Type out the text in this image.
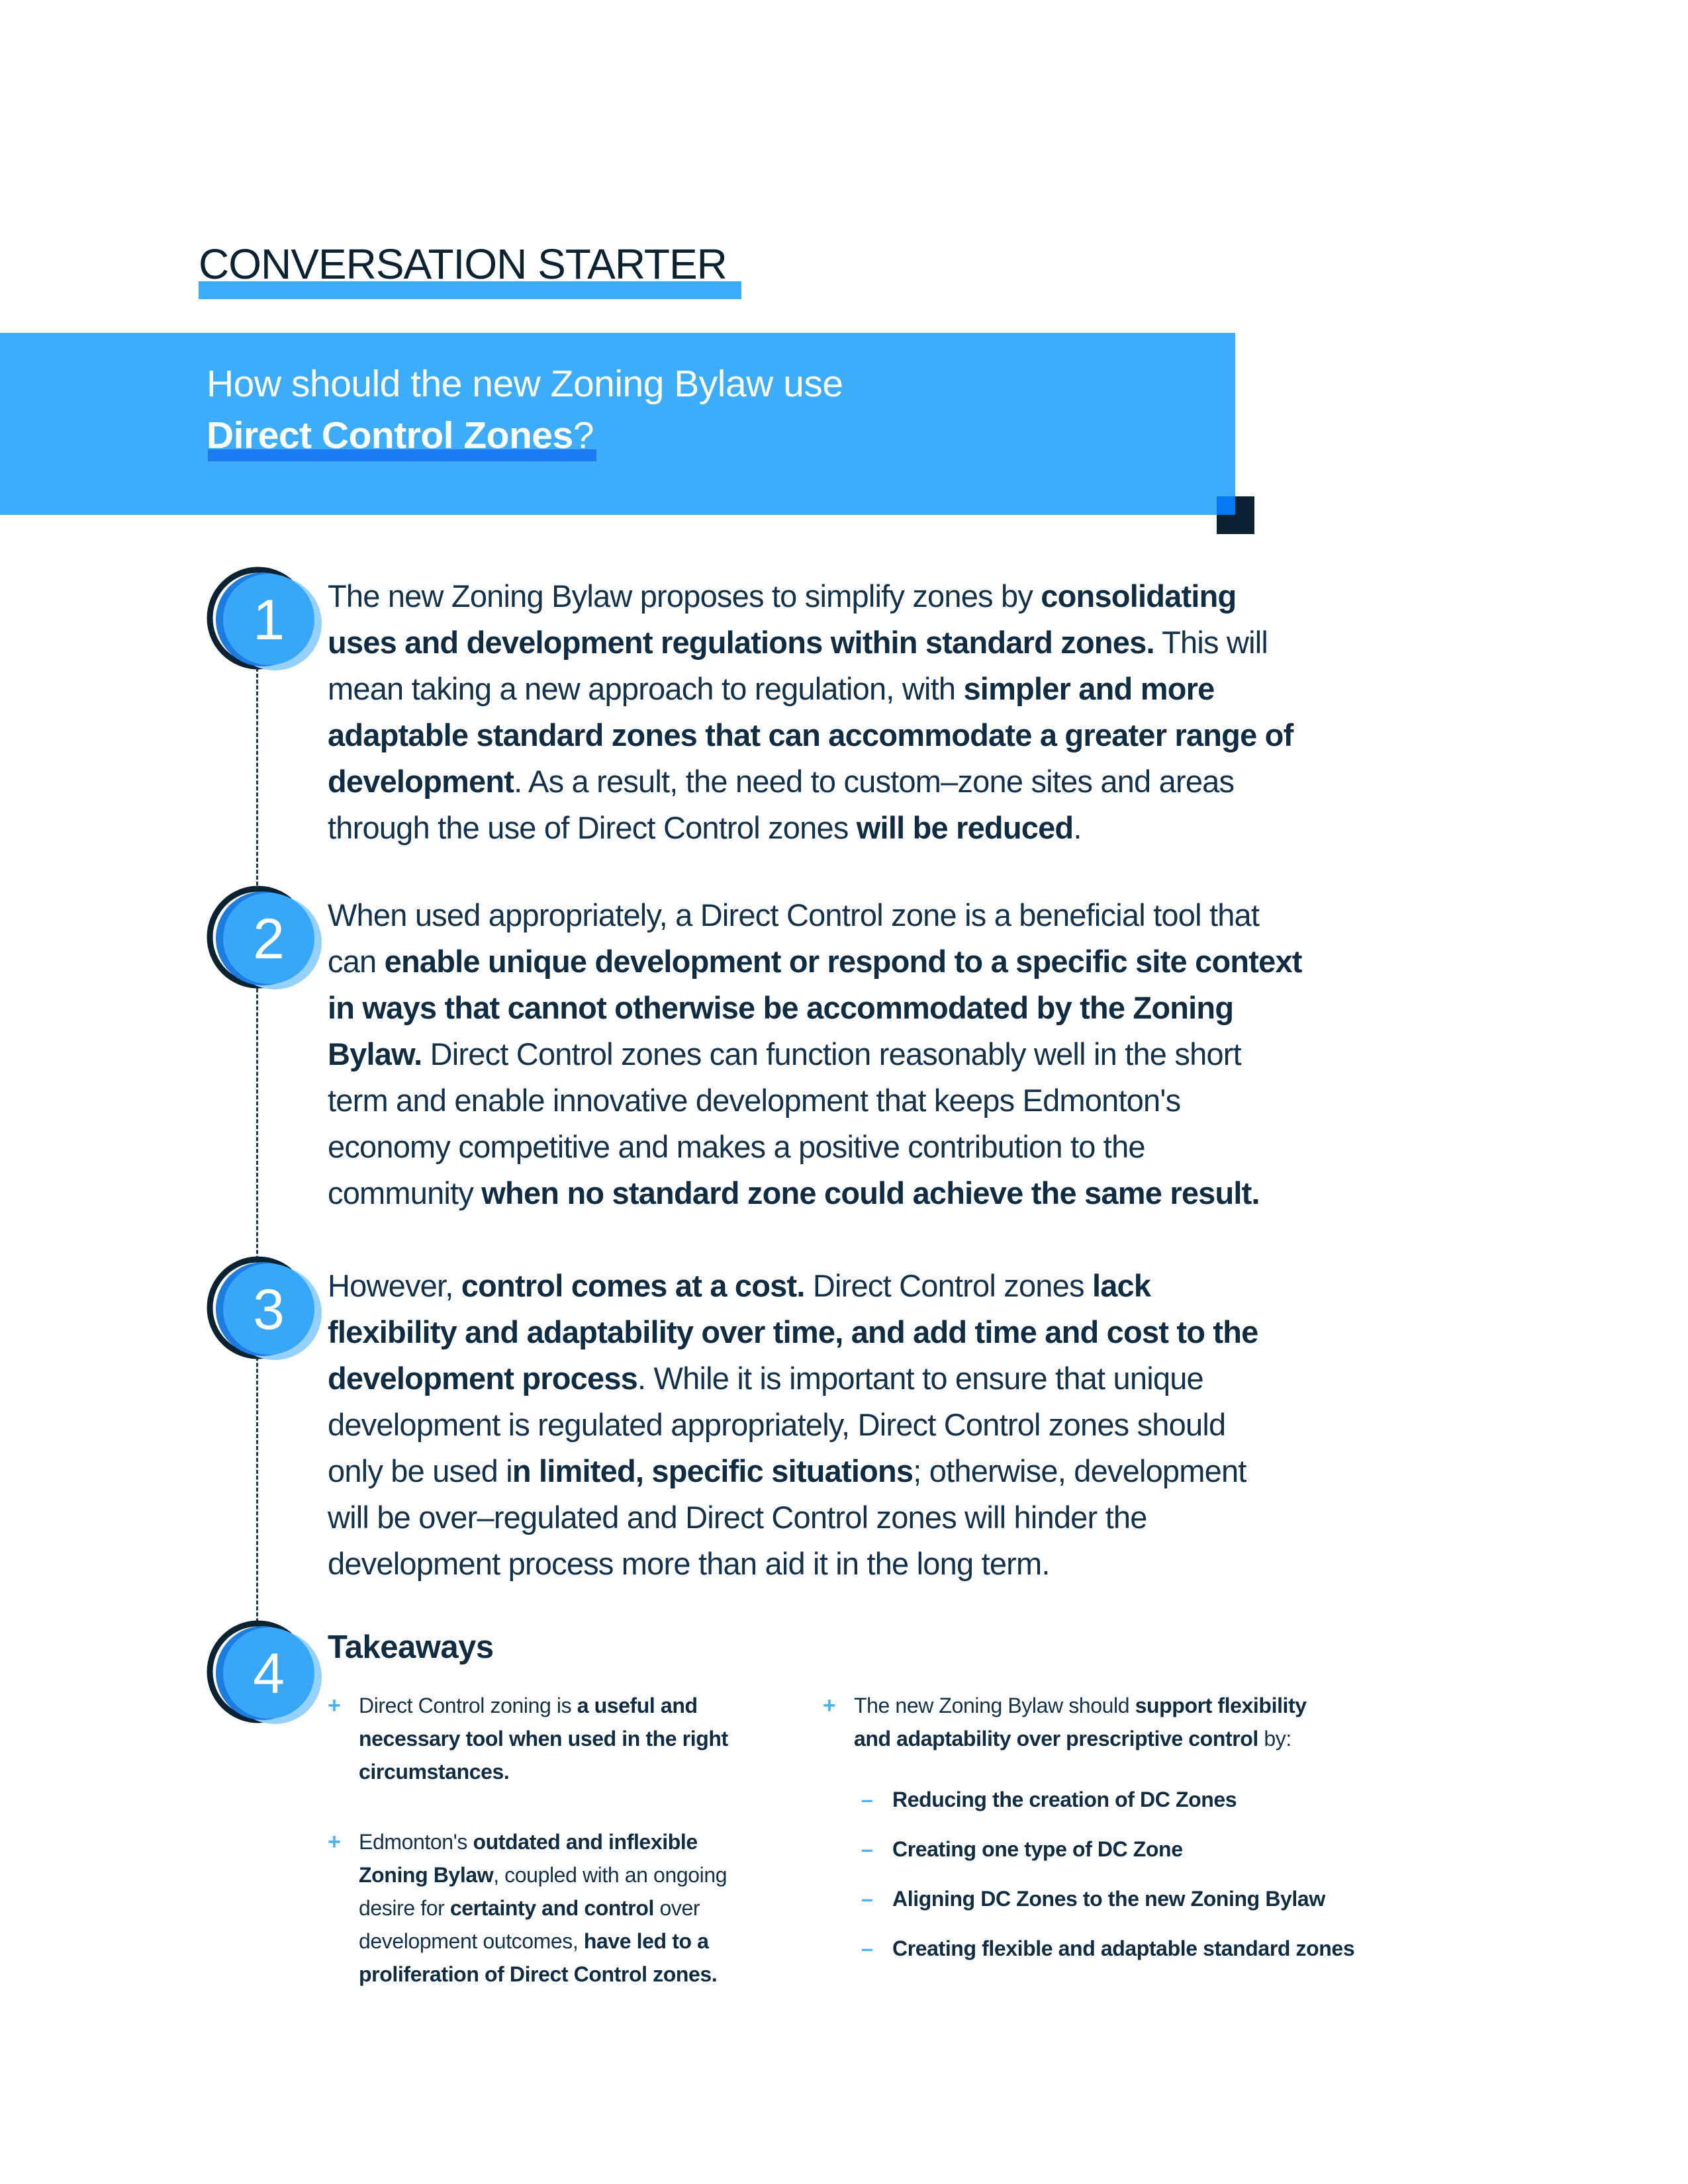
CONVERSATION STARTER
How should the new Zoning Bylaw use
Direct Control Zones?
1 The new Zoning Bylaw proposes to simplify zones by consolidating
uses and development regulations within standard zones. This will
mean taking a new approach to regulation, with simpler and more
adaptable standard zones that can accommodate a greater range of
development. As a result, the need to custom–zone sites and areas
through the use of Direct Control zones will be reduced.
2 When used appropriately, a Direct Control zone is a beneficial tool that
can enable unique development or respond to a specific site context
in ways that cannot otherwise be accommodated by the Zoning
Bylaw. Direct Control zones can function reasonably well in the short
term and enable innovative development that keeps Edmonton's
economy competitive and makes a positive contribution to the
community when no standard zone could achieve the same result.
3 However, control comes at a cost. Direct Control zones lack
flexibility and adaptability over time, and add time and cost to the
development process. While it is important to ensure that unique
development is regulated appropriately, Direct Control zones should
only be used in limited, specific situations; otherwise, development
will be over–regulated and Direct Control zones will hinder the
development process more than aid it in the long term.
4 Takeaways
+ Direct Control zoning is a useful and
necessary tool when used in the right
circumstances.
+ Edmonton's outdated and inflexible
Zoning Bylaw, coupled with an ongoing
desire for certainty and control over
development outcomes, have led to a
proliferation of Direct Control zones.
+ The new Zoning Bylaw should support flexibility
and adaptability over prescriptive control by:
– Reducing the creation of DC Zones
– Creating one type of DC Zone
– Aligning DC Zones to the new Zoning Bylaw
– Creating flexible and adaptable standard zones
